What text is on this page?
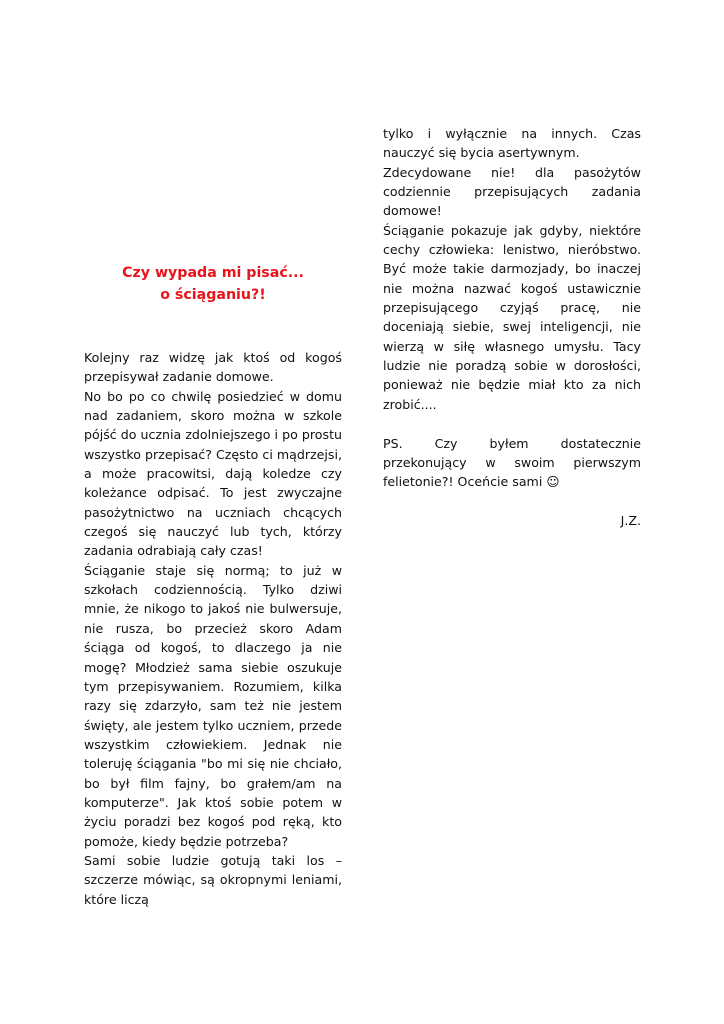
Czy wypada mi pisać...
o ściąganiu?!

Kolejny raz widzę jak ktoś od kogoś przepisywał zadanie domowe.

No bo po co chwilę posiedzieć w domu nad zadaniem, skoro można w szkole pójść do ucznia zdolniejszego i po prostu wszystko przepisać? Często ci mądrzejsi, a może pracowitsi, dają koledze czy koleżance odpisać. To jest zwyczajne pasożytnictwo na uczniach chcących czegoś się nauczyć lub tych, którzy zadania odrabiają cały czas!

Ściąganie staje się normą; to już w szkołach codziennością. Tylko dziwi mnie, że nikogo to jakoś nie bulwersuje, nie rusza, bo przecież skoro Adam ściąga od kogoś, to dlaczego ja nie mogę? Młodzież sama siebie oszukuje tym przepisywaniem. Rozumiem, kilka razy się zdarzyło, sam też nie jestem święty, ale jestem tylko uczniem, przede wszystkim człowiekiem. Jednak nie toleruję ściągania "bo mi się nie chciało, bo był film fajny, bo grałem/am na komputerze". Jak ktoś sobie potem w życiu poradzi bez kogoś pod ręką, kto pomoże, kiedy będzie potrzeba?

Sami sobie ludzie gotują taki los – szczerze mówiąc, są okropnymi leniami, które liczą

tylko i wyłącznie na innych. Czas nauczyć się bycia asertywnym.

Zdecydowane nie! dla pasożytów codziennie przepisujących zadania domowe!

Ściąganie pokazuje jak gdyby, niektóre cechy człowieka: lenistwo, nieróbstwo. Być może takie darmozjady, bo inaczej nie można nazwać kogoś ustawicznie przepisującego czyjąś pracę, nie doceniają siebie, swej inteligencji, nie wierzą w siłę własnego umysłu. Tacy ludzie nie poradzą sobie w dorosłości, ponieważ nie będzie miał kto za nich zrobić....

PS. Czy byłem dostatecznie przekonujący w swoim pierwszym felietonie?! Oceńcie sami ☺

J.Z.
